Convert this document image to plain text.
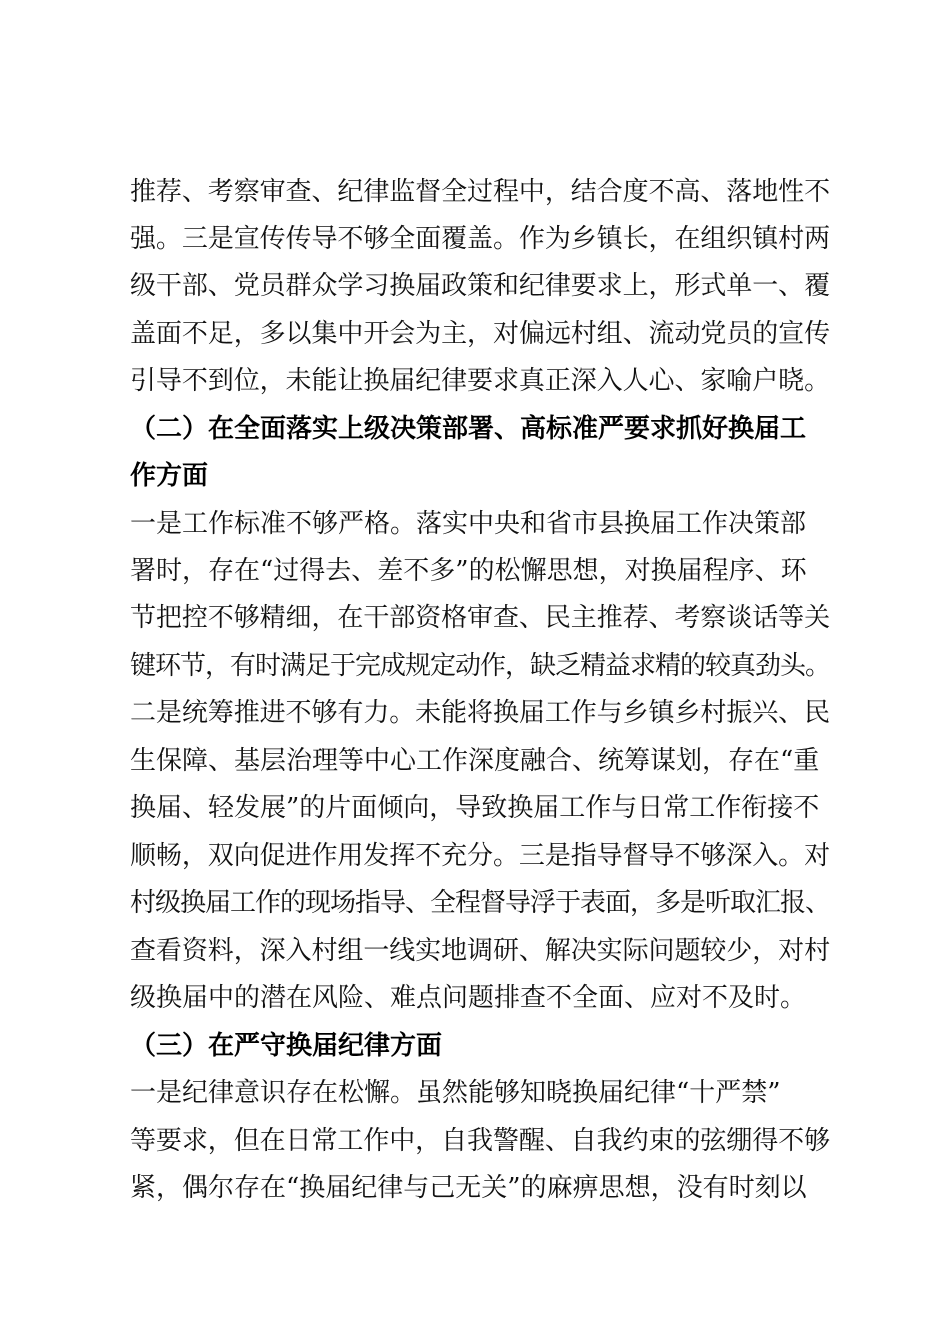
推荐、考察审查、纪律监督全过程中，结合度不高、落地性不
强。三是宣传传导不够全面覆盖。作为乡镇长，在组织镇村两
级干部、党员群众学习换届政策和纪律要求上，形式单一、覆
盖面不足，多以集中开会为主，对偏远村组、流动党员的宣传
引导不到位，未能让换届纪律要求真正深入人心、家喻户晓。
（二）在全面落实上级决策部署、高标准严要求抓好换届工
作方面
一是工作标准不够严格。落实中央和省市县换届工作决策部
署时，存在“过得去、差不多”的松懈思想，对换届程序、环
节把控不够精细，在干部资格审查、民主推荐、考察谈话等关
键环节，有时满足于完成规定动作，缺乏精益求精的较真劲头。
二是统筹推进不够有力。未能将换届工作与乡镇乡村振兴、民
生保障、基层治理等中心工作深度融合、统筹谋划，存在“重
换届、轻发展”的片面倾向，导致换届工作与日常工作衔接不
顺畅，双向促进作用发挥不充分。三是指导督导不够深入。对
村级换届工作的现场指导、全程督导浮于表面，多是听取汇报、
查看资料，深入村组一线实地调研、解决实际问题较少，对村
级换届中的潜在风险、难点问题排查不全面、应对不及时。
（三）在严守换届纪律方面
一是纪律意识存在松懈。虽然能够知晓换届纪律“十严禁”
等要求，但在日常工作中，自我警醒、自我约束的弦绷得不够
紧，偶尔存在“换届纪律与己无关”的麻痹思想，没有时刻以
